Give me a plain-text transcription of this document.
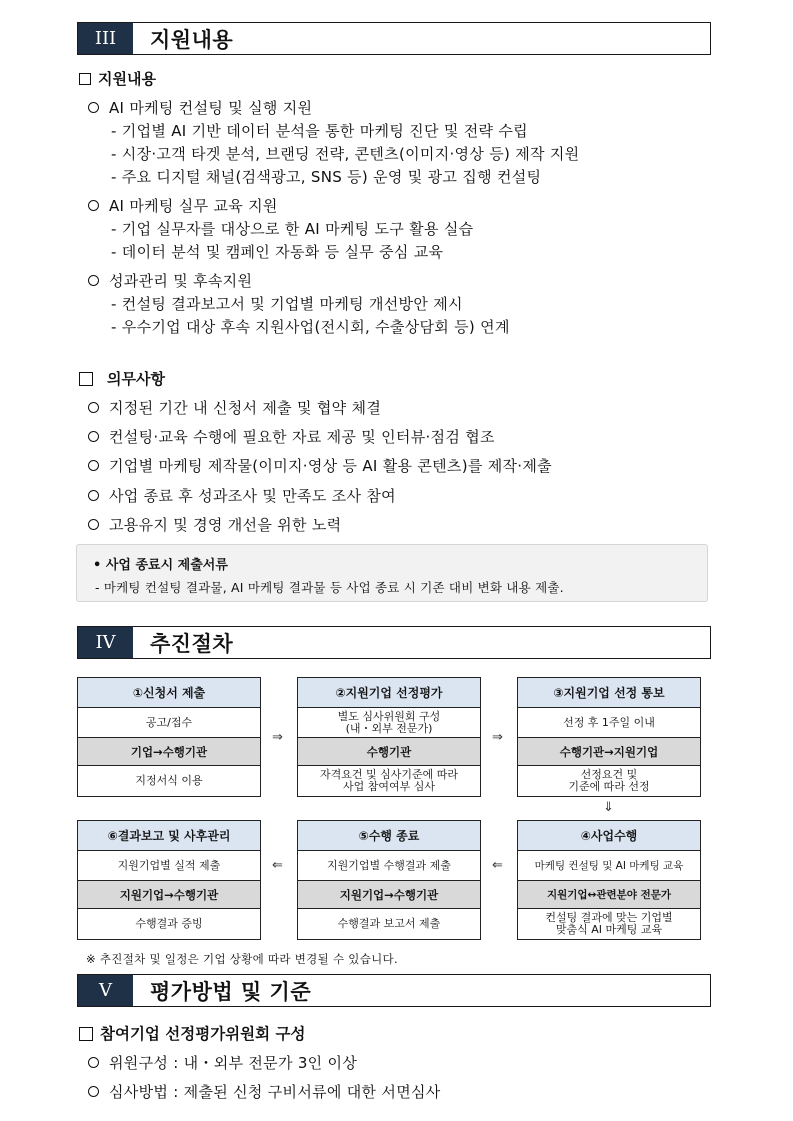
III	지원내용
지원내용
AI 마케팅 컨설팅 및 실행 지원
- 기업별 AI 기반 데이터 분석을 통한 마케팅 진단 및 전략 수립
- 시장·고객 타겟 분석, 브랜딩 전략, 콘텐츠(이미지·영상 등) 제작 지원
- 주요 디지털 채널(검색광고, SNS 등) 운영 및 광고 집행 컨설팅
AI 마케팅 실무 교육 지원
- 기업 실무자를 대상으로 한 AI 마케팅 도구 활용 실습
- 데이터 분석 및 캠페인 자동화 등 실무 중심 교육
성과관리 및 후속지원
- 컨설팅 결과보고서 및 기업별 마케팅 개선방안 제시
- 우수기업 대상 후속 지원사업(전시회, 수출상담회 등) 연계
의무사항
지정된 기간 내 신청서 제출 및 협약 체결
컨설팅·교육 수행에 필요한 자료 제공 및 인터뷰·점검 협조
기업별 마케팅 제작물(이미지·영상 등 AI 활용 콘텐츠)를 제작·제출
사업 종료 후 성과조사 및 만족도 조사 참여
고용유지 및 경영 개선을 위한 노력
• 사업 종료시 제출서류
- 마케팅 컨설팅 결과물, AI 마케팅 결과물 등 사업 종료 시 기존 대비 변화 내용 제출.
IV	추진절차
①신청서 제출
공고/접수
기업→수행기관
지정서식 이용
⇒
②지원기업 선정평가
별도 심사위원회 구성
(내・외부 전문가)
수행기관
자격요건 및 심사기준에 따라
사업 참여여부 심사
⇒
③지원기업 선정 통보
선정 후 1주일 이내
수행기관→지원기업
선정요건 및
기준에 따라 선정
⇓
⑥결과보고 및 사후관리
지원기업별 실적 제출
지원기업→수행기관
수행결과 증빙
⇐
⑤수행 종료
지원기업별 수행결과 제출
지원기업→수행기관
수행결과 보고서 제출
⇐
④사업수행
마케팅 컨설팅 및 AI 마케팅 교육
지원기업↔관련분야 전문가
컨설팅 결과에 맞는 기업별
맞춤식 AI 마케팅 교육
※ 추진절차 및 일정은 기업 상황에 따라 변경될 수 있습니다.
V	평가방법 및 기준
참여기업 선정평가위원회 구성
위원구성 : 내・외부 전문가 3인 이상
심사방법 : 제출된 신청 구비서류에 대한 서면심사
